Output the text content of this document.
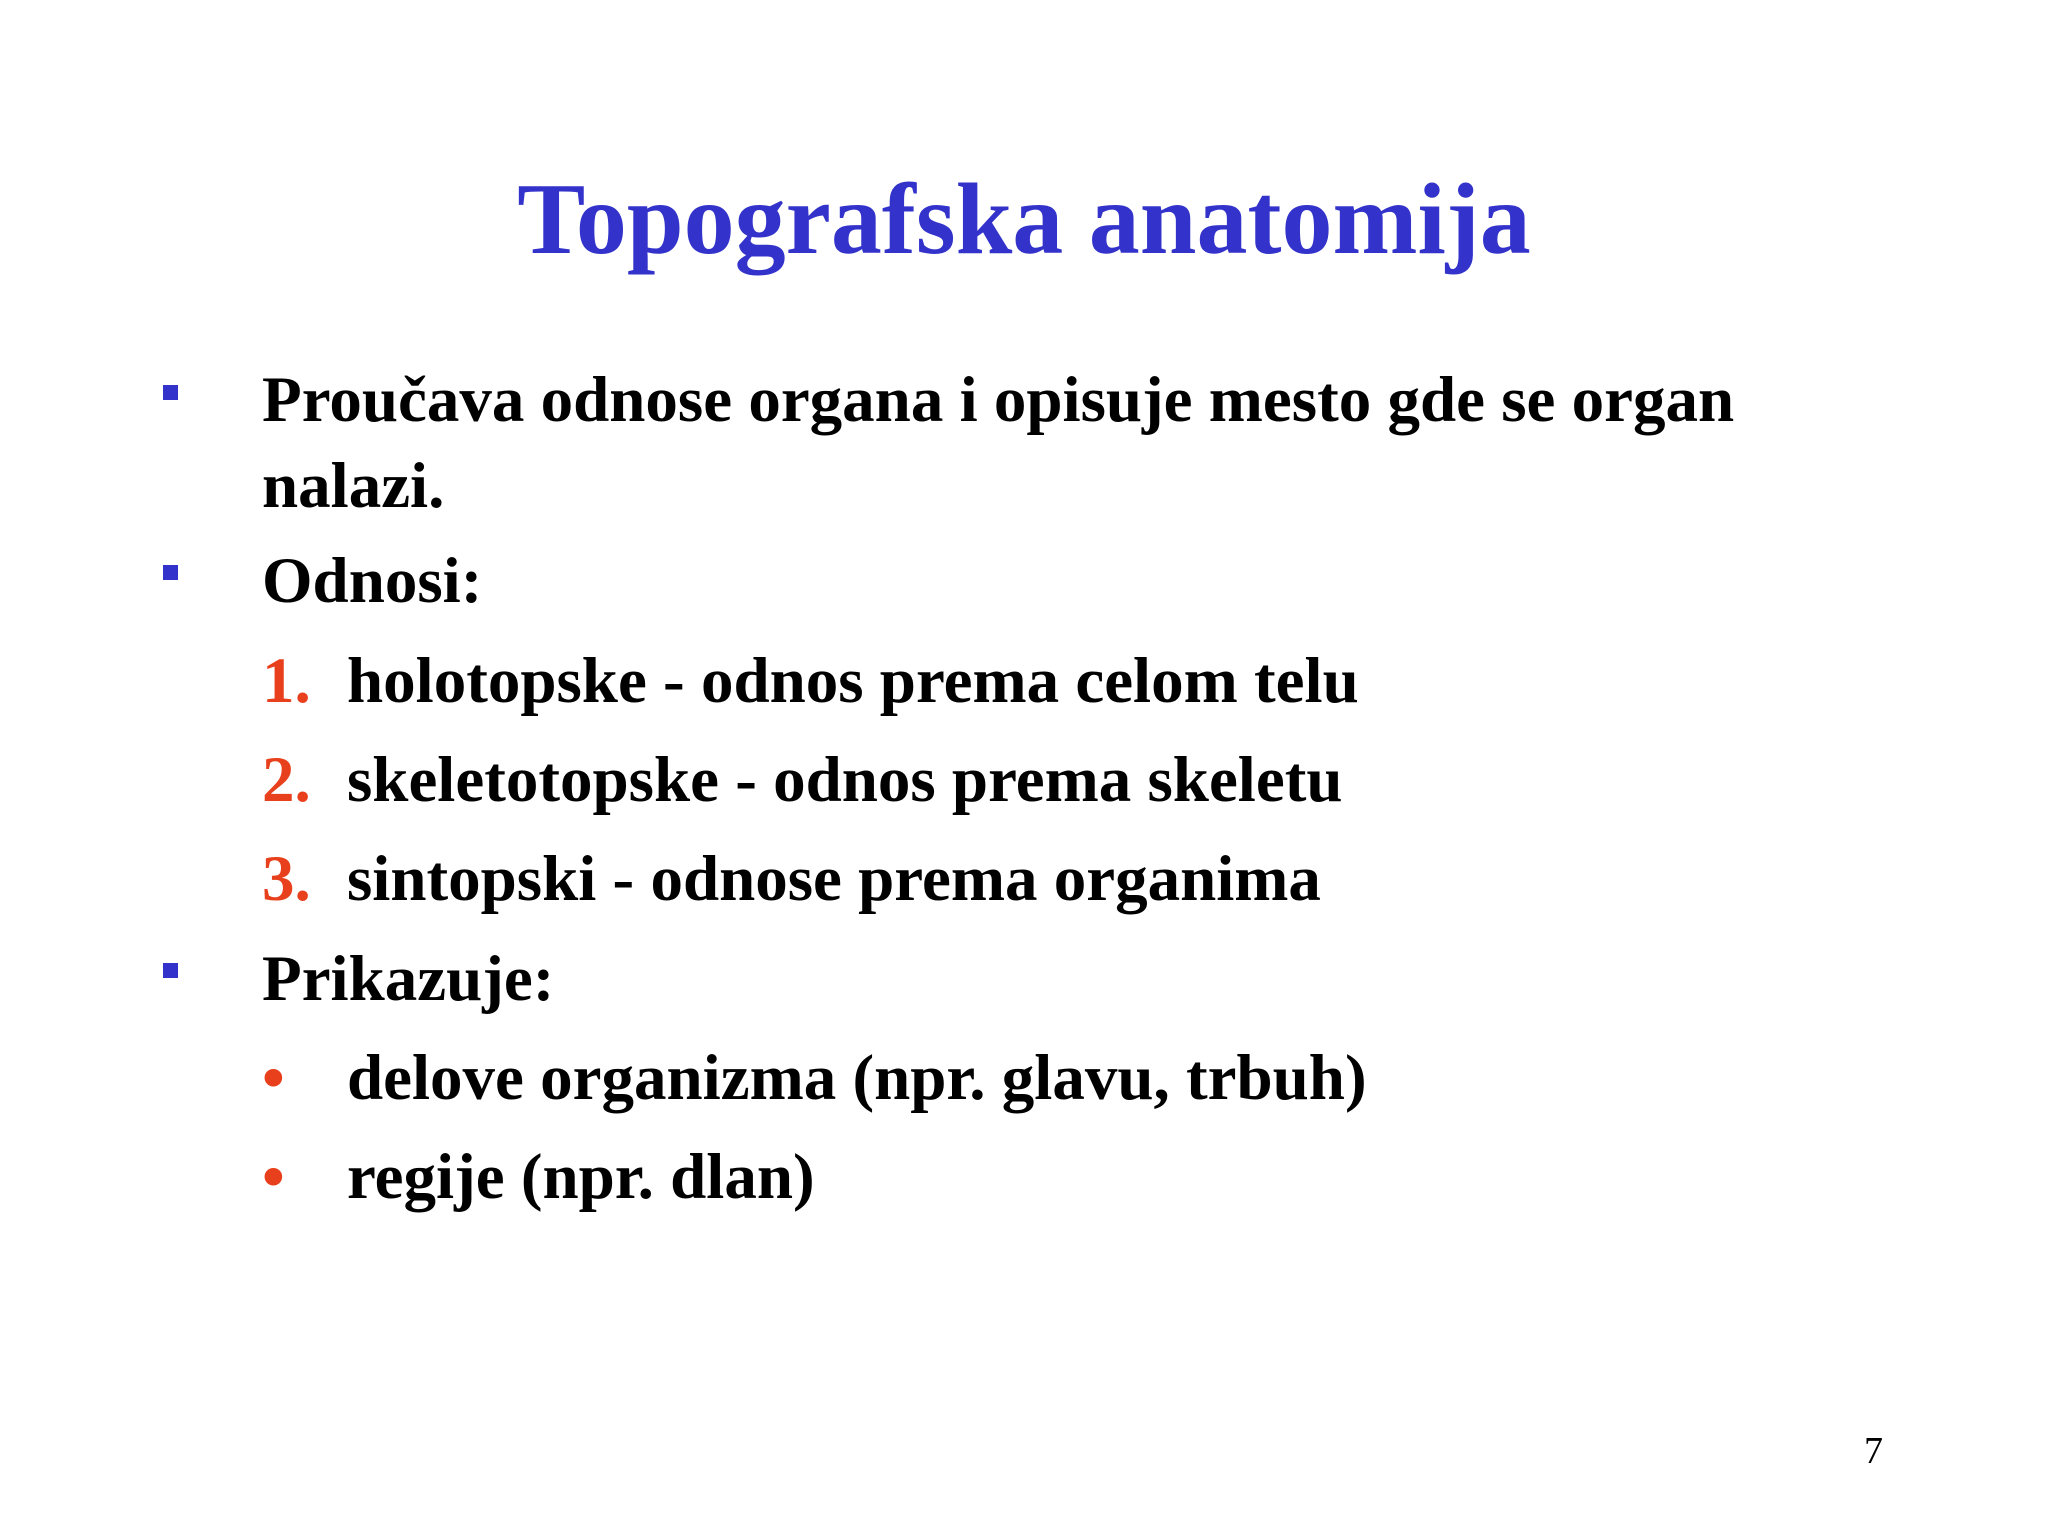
Topografska anatomija
Proučava odnose organa i opisuje mesto gde se organ
nalazi.
Odnosi:
1. holotopske - odnos prema celom telu
2. skeletotopske - odnos prema skeletu
3. sintopski - odnose prema organima
Prikazuje:
• delove organizma (npr. glavu, trbuh)
• regije (npr. dlan)
7
